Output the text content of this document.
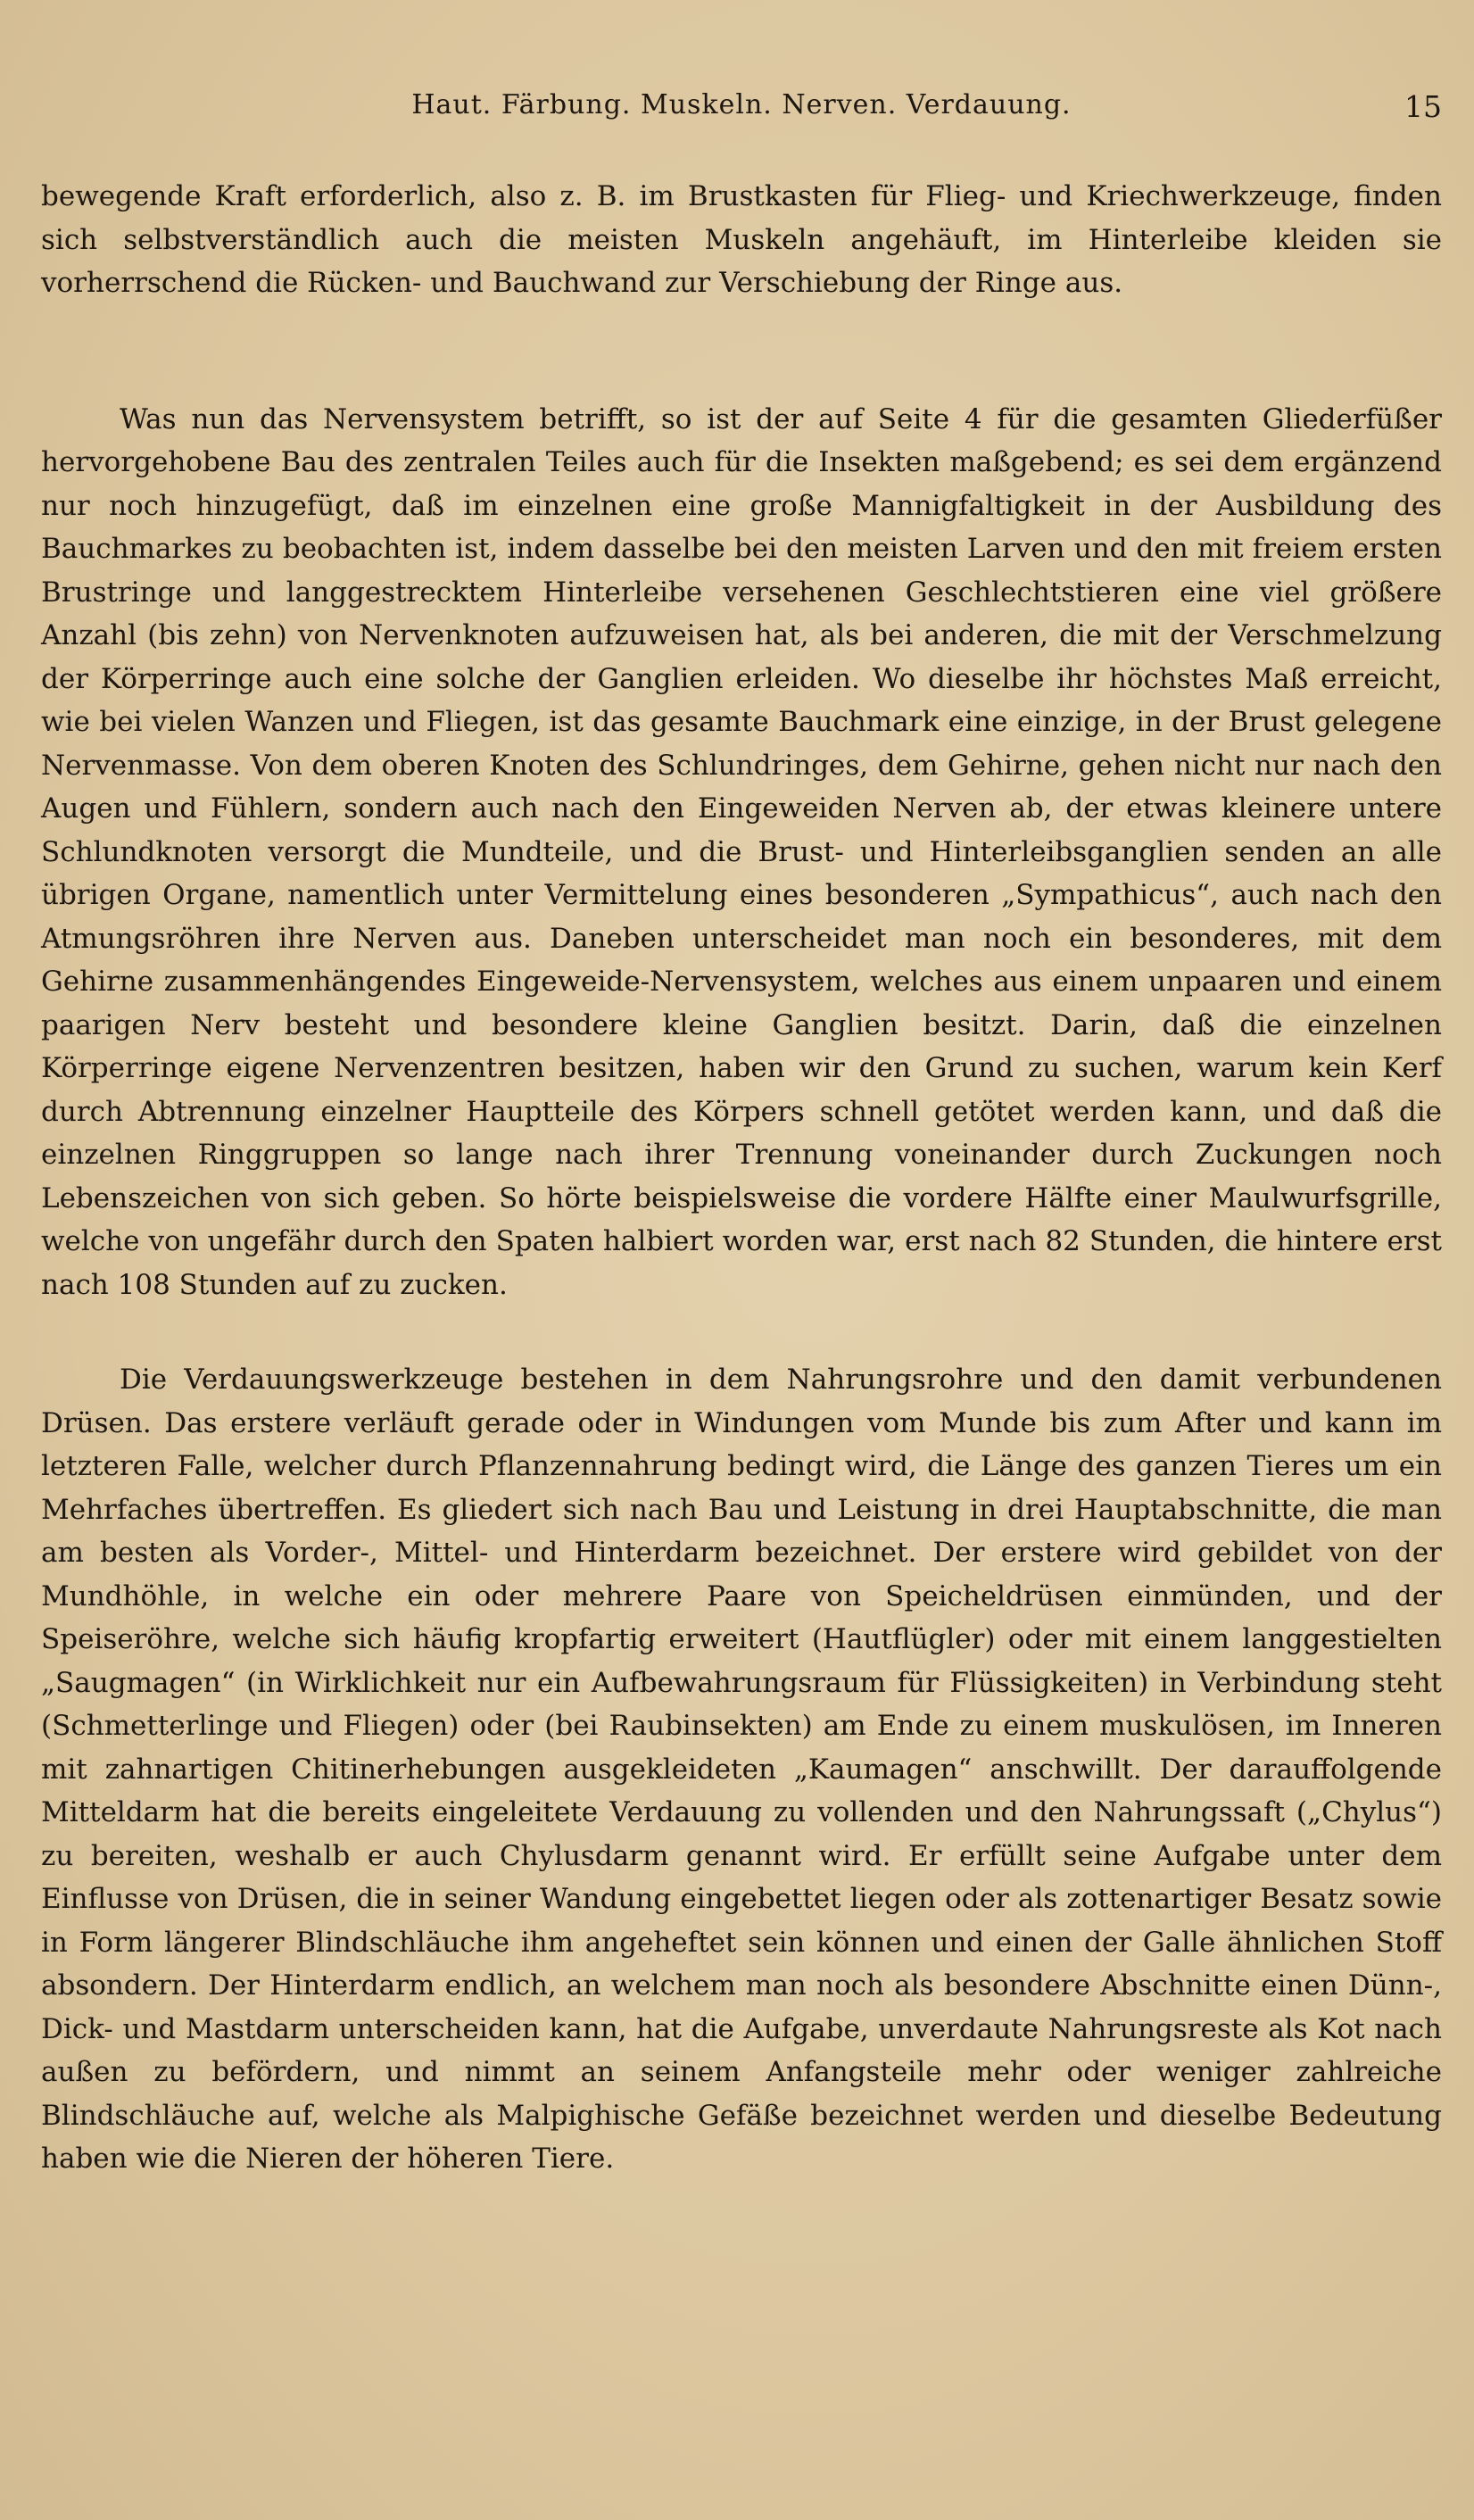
Haut. Färbung. Muskeln. Nerven. Verdauung.	15

bewegende Kraft erforderlich, also z. B. im Brustkasten für Flieg- und Kriechwerkzeuge, finden sich selbstverständlich auch die meisten Muskeln angehäuft, im Hinterleibe kleiden sie vorherrschend die Rücken- und Bauchwand zur Verschiebung der Ringe aus.

Was nun das Nervensystem betrifft, so ist der auf Seite 4 für die gesamten Gliederfüßer hervorgehobene Bau des zentralen Teiles auch für die Insekten maßgebend; es sei dem ergänzend nur noch hinzugefügt, daß im einzelnen eine große Mannigfaltigkeit in der Ausbildung des Bauchmarkes zu beobachten ist, indem dasselbe bei den meisten Larven und den mit freiem ersten Brustringe und langgestrecktem Hinterleibe versehenen Geschlechtstieren eine viel größere Anzahl (bis zehn) von Nervenknoten aufzuweisen hat, als bei anderen, die mit der Verschmelzung der Körperringe auch eine solche der Ganglien erleiden. Wo dieselbe ihr höchstes Maß erreicht, wie bei vielen Wanzen und Fliegen, ist das gesamte Bauchmark eine einzige, in der Brust gelegene Nervenmasse. Von dem oberen Knoten des Schlundringes, dem Gehirne, gehen nicht nur nach den Augen und Fühlern, sondern auch nach den Eingeweiden Nerven ab, der etwas kleinere untere Schlundknoten versorgt die Mundteile, und die Brust- und Hinterleibsganglien senden an alle übrigen Organe, namentlich unter Vermittelung eines besonderen „Sympathicus“, auch nach den Atmungsröhren ihre Nerven aus. Daneben unterscheidet man noch ein besonderes, mit dem Gehirne zusammenhängendes Eingeweide-Nervensystem, welches aus einem unpaaren und einem paarigen Nerv besteht und besondere kleine Ganglien besitzt. Darin, daß die einzelnen Körperringe eigene Nervenzentren besitzen, haben wir den Grund zu suchen, warum kein Kerf durch Abtrennung einzelner Hauptteile des Körpers schnell getötet werden kann, und daß die einzelnen Ringgruppen so lange nach ihrer Trennung voneinander durch Zuckungen noch Lebenszeichen von sich geben. So hörte beispielsweise die vordere Hälfte einer Maulwurfsgrille, welche von ungefähr durch den Spaten halbiert worden war, erst nach 82 Stunden, die hintere erst nach 108 Stunden auf zu zucken.

Die Verdauungswerkzeuge bestehen in dem Nahrungsrohre und den damit verbundenen Drüsen. Das erstere verläuft gerade oder in Windungen vom Munde bis zum After und kann im letzteren Falle, welcher durch Pflanzennahrung bedingt wird, die Länge des ganzen Tieres um ein Mehrfaches übertreffen. Es gliedert sich nach Bau und Leistung in drei Hauptabschnitte, die man am besten als Vorder-, Mittel- und Hinterdarm bezeichnet. Der erstere wird gebildet von der Mundhöhle, in welche ein oder mehrere Paare von Speicheldrüsen einmünden, und der Speiseröhre, welche sich häufig kropfartig erweitert (Hautflügler) oder mit einem langgestielten „Saugmagen“ (in Wirklichkeit nur ein Aufbewahrungsraum für Flüssigkeiten) in Verbindung steht (Schmetterlinge und Fliegen) oder (bei Raubinsekten) am Ende zu einem muskulösen, im Inneren mit zahnartigen Chitinerhebungen ausgekleideten „Kaumagen“ anschwillt. Der darauffolgende Mitteldarm hat die bereits eingeleitete Verdauung zu vollenden und den Nahrungssaft („Chylus“) zu bereiten, weshalb er auch Chylusdarm genannt wird. Er erfüllt seine Aufgabe unter dem Einflusse von Drüsen, die in seiner Wandung eingebettet liegen oder als zottenartiger Besatz sowie in Form längerer Blindschläuche ihm angeheftet sein können und einen der Galle ähnlichen Stoff absondern. Der Hinterdarm endlich, an welchem man noch als besondere Abschnitte einen Dünn-, Dick- und Mastdarm unterscheiden kann, hat die Aufgabe, unverdaute Nahrungsreste als Kot nach außen zu befördern, und nimmt an seinem Anfangsteile mehr oder weniger zahlreiche Blindschläuche auf, welche als Malpighische Gefäße bezeichnet werden und dieselbe Bedeutung haben wie die Nieren der höheren Tiere.
